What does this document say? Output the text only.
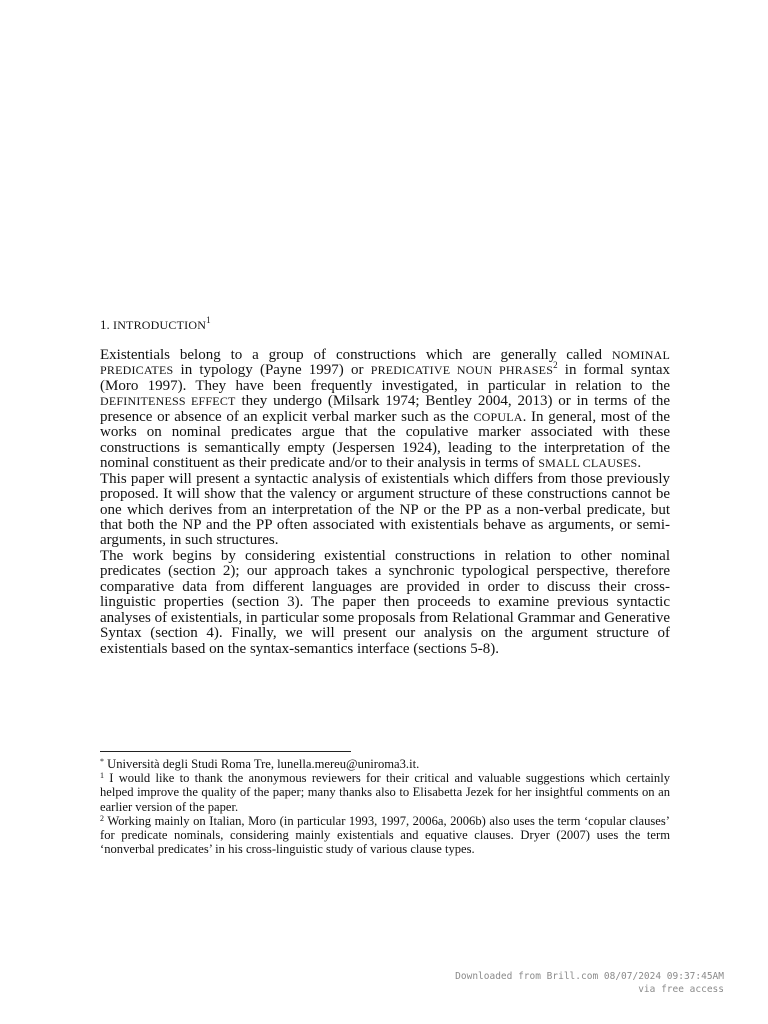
1. INTRODUCTION$^1$

Existentials belong to a group of constructions which are generally called NOMINAL PREDICATES in typology (Payne 1997) or PREDICATIVE NOUN PHRASES$^2$ in formal syntax (Moro 1997). They have been frequently investigated, in particular in relation to the DEFINITENESS EFFECT they undergo (Milsark 1974; Bentley 2004, 2013) or in terms of the presence or absence of an explicit verbal marker such as the COPULA. In general, most of the works on nominal predicates argue that the copulative marker associated with these constructions is semantically empty (Jespersen 1924), leading to the interpretation of the nominal constituent as their predicate and/or to their analysis in terms of SMALL CLAUSES.

This paper will present a syntactic analysis of existentials which differs from those previously proposed. It will show that the valency or argument structure of these constructions cannot be one which derives from an interpretation of the NP or the PP as a non-verbal predicate, but that both the NP and the PP often associated with existentials behave as arguments, or semi-arguments, in such structures.

The work begins by considering existential constructions in relation to other nominal predicates (section 2); our approach takes a synchronic typological perspective, therefore comparative data from different languages are provided in order to discuss their cross-linguistic properties (section 3). The paper then proceeds to examine previous syntactic analyses of existentials, in particular some proposals from Relational Grammar and Generative Syntax (section 4). Finally, we will present our analysis on the argument structure of existentials based on the syntax-semantics interface (sections 5-8).

* Università degli Studi Roma Tre, lunella.mereu@uniroma3.it.

$^1$ I would like to thank the anonymous reviewers for their critical and valuable suggestions which certainly helped improve the quality of the paper; many thanks also to Elisabetta Jezek for her insightful comments on an earlier version of the paper.

$^2$ Working mainly on Italian, Moro (in particular 1993, 1997, 2006a, 2006b) also uses the term ‘copular clauses’ for predicate nominals, considering mainly existentials and equative clauses. Dryer (2007) uses the term ‘nonverbal predicates’ in his cross-linguistic study of various clause types.

Downloaded from Brill.com 08/07/2024 09:37:45AM
via free access
